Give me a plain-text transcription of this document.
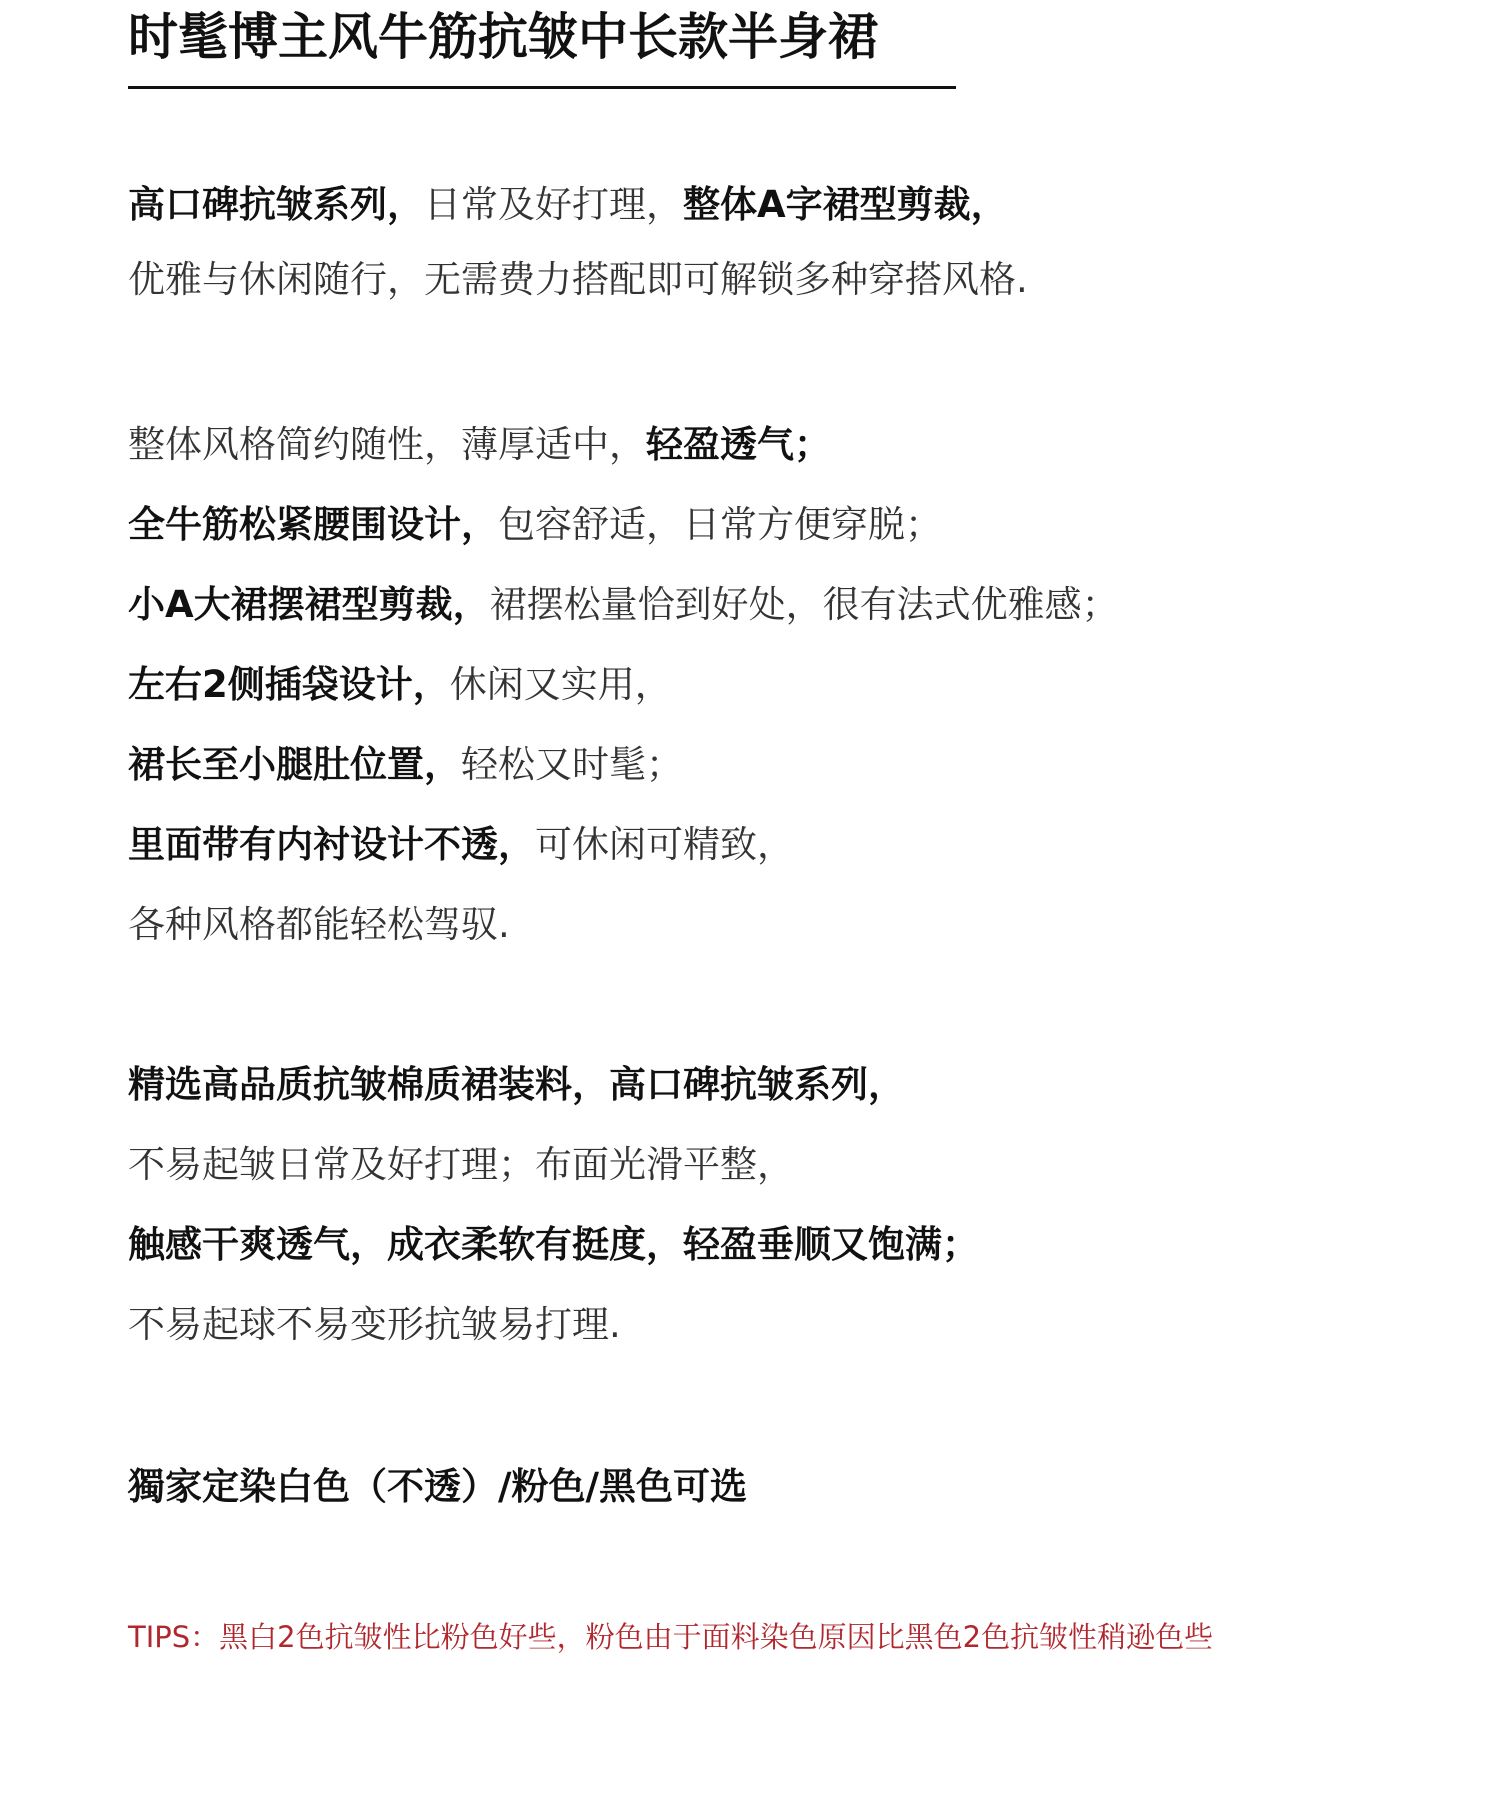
时髦博主风牛筋抗皱中长款半身裙
高口碑抗皱系列，日常及好打理，整体A字裙型剪裁，
优雅与休闲随行，无需费力搭配即可解锁多种穿搭风格.
整体风格简约随性，薄厚适中，轻盈透气；
全牛筋松紧腰围设计，包容舒适，日常方便穿脱；
小A大裙摆裙型剪裁，裙摆松量恰到好处，很有法式优雅感；
左右2侧插袋设计，休闲又实用，
裙长至小腿肚位置，轻松又时髦；
里面带有内衬设计不透，可休闲可精致，
各种风格都能轻松驾驭.
精选高品质抗皱棉质裙装料，高口碑抗皱系列，
不易起皱日常及好打理；布面光滑平整，
触感干爽透气，成衣柔软有挺度，轻盈垂顺又饱满；
不易起球不易变形抗皱易打理.
獨家定染白色（不透）/粉色/黑色可选
TIPS：黑白2色抗皱性比粉色好些，粉色由于面料染色原因比黑色2色抗皱性稍逊色些
